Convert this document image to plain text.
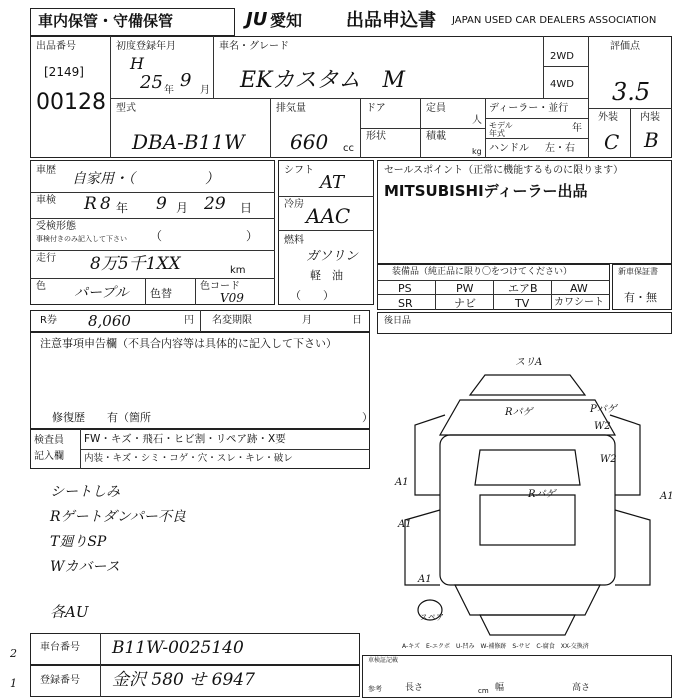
車内保管・守備保管	JU 愛知 出品申込書 JAPAN USED CAR DEALERS ASSOCIATION
出品番号
[2149]
00128
初度登録年月
H
25 年 9 月
車名・グレード
EKカスタム　M
2WD
4WD
評価点
3.5
外装 内装
C B
型式
DBA-B11W
排気量
660 cc
ドア	定員
人
形状	積載
kg
ディーラー・並行
モデル年式	年
ハンドル 左・右
車歴
自家用・（　　　　　）
車検 R 8 年 9 月 29 日
受検形態
事検付きのみ記入して下さい （　　　　　　　）
走行 8万5千1XX	km
色 パープル 色替
色コード
V09
シフト
AT
冷房 AAC
燃料
ガソリン
軽　油
（　　）
セールスポイント（正常に機能するものに限ります）
MITSUBISHIディーラー出品
装備品（純正品に限り〇をつけてください）
PS	PW	エアB	AW
SR	ナビ	TV カワシート
新車保証書
有・無
R券 8,060	円 名変期限	月	日 後日品
注意事項申告欄（不具合内容等は具体的に記入して下さい）
修復歴　　有（箇所	）
検査員
記入欄
FW・キズ・飛石・ヒビ割・リペア跡・X要
内装・キズ・シミ・コゲ・穴・スレ・キレ・破レ
シートしみ
Rゲートダンパー不良
T廻りSP
Wカバース
各AU
スリA
Rパゲ	Pパゲ
W2
W2
Rパゲ
A1
A1
A1
A1
スペア
A-キズ　E-エクボ　U-凹み　W-補修跡　S-サビ　C-腐食　XX-交換済
車台番号 B11W-0025140
登録番号 金沢 580 せ 6947
2
1
車検証記載
参考	長さ	幅	高さ
cm
